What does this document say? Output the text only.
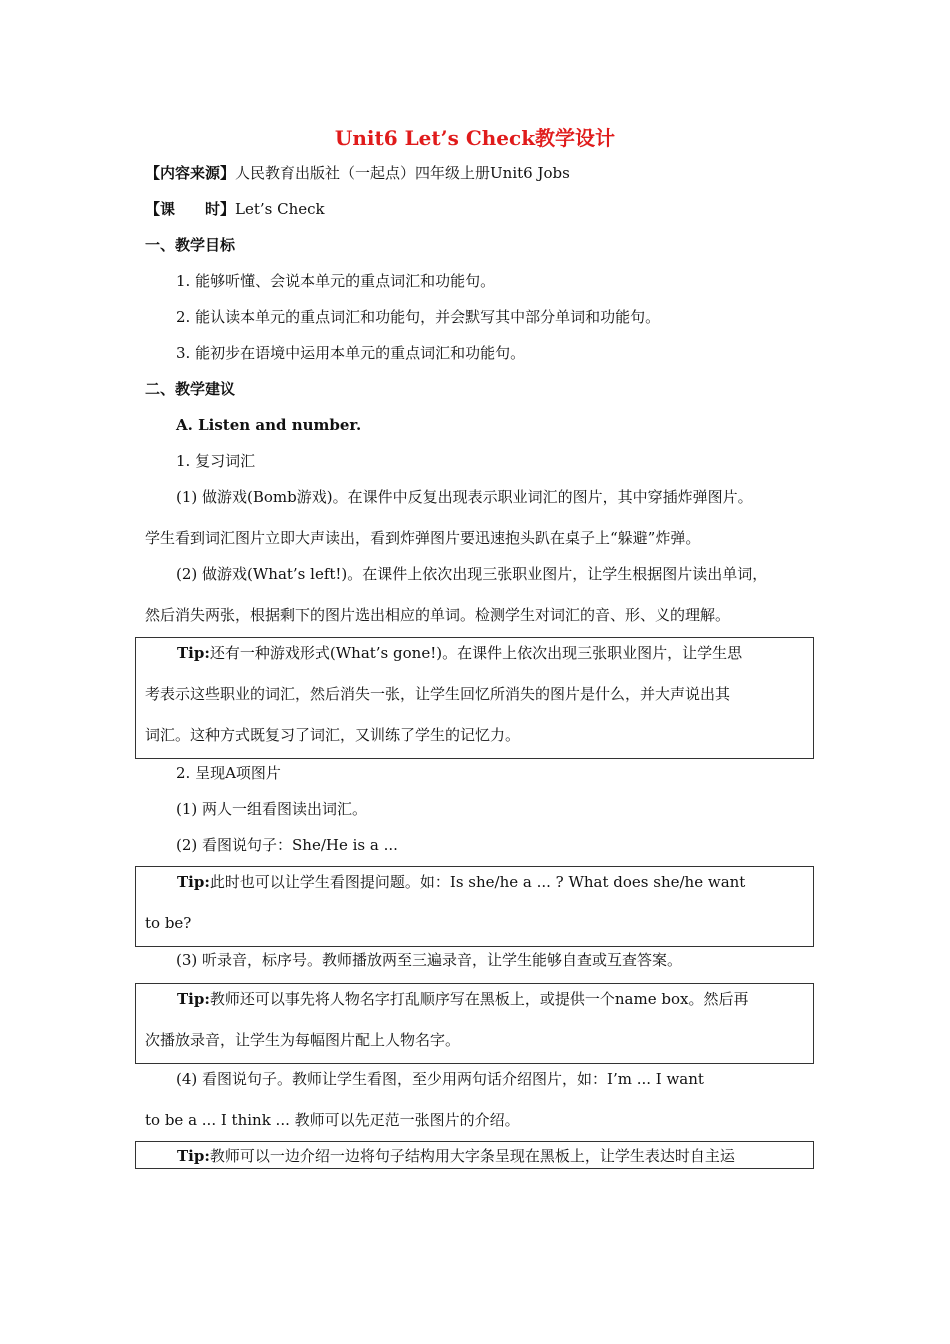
Unit6 Let’s Check教学设计
【内容来源】人民教育出版社（一起点）四年级上册Unit6 Jobs
【课　　时】Let’s Check
一、教学目标
1. 能够听懂、会说本单元的重点词汇和功能句。
2. 能认读本单元的重点词汇和功能句，并会默写其中部分单词和功能句。
3. 能初步在语境中运用本单元的重点词汇和功能句。
二、教学建议
A. Listen and number.
1. 复习词汇
(1) 做游戏(Bomb游戏)。在课件中反复出现表示职业词汇的图片，其中穿插炸弹图片。
学生看到词汇图片立即大声读出，看到炸弹图片要迅速抱头趴在桌子上“躲避”炸弹。
(2) 做游戏(What’s left!)。在课件上依次出现三张职业图片，让学生根据图片读出单词，
然后消失两张，根据剩下的图片选出相应的单词。检测学生对词汇的音、形、义的理解。
Tip:还有一种游戏形式(What’s gone!)。在课件上依次出现三张职业图片，让学生思
考表示这些职业的词汇，然后消失一张，让学生回忆所消失的图片是什么，并大声说出其
词汇。这种方式既复习了词汇，又训练了学生的记忆力。
2. 呈现A项图片
(1) 两人一组看图读出词汇。
(2) 看图说句子：She/He is a ...
Tip:此时也可以让学生看图提问题。如：Is she/he a ... ? What does she/he want
to be?
(3) 听录音，标序号。教师播放两至三遍录音，让学生能够自查或互查答案。
Tip:教师还可以事先将人物名字打乱顺序写在黑板上，或提供一个name box。然后再
次播放录音，让学生为每幅图片配上人物名字。
(4) 看图说句子。教师让学生看图，至少用两句话介绍图片，如：I’m ... I want
to be a ... I think ... 教师可以先疋范一张图片的介绍。
Tip:教师可以一边介绍一边将句子结构用大字条呈现在黑板上，让学生表达时自主运
